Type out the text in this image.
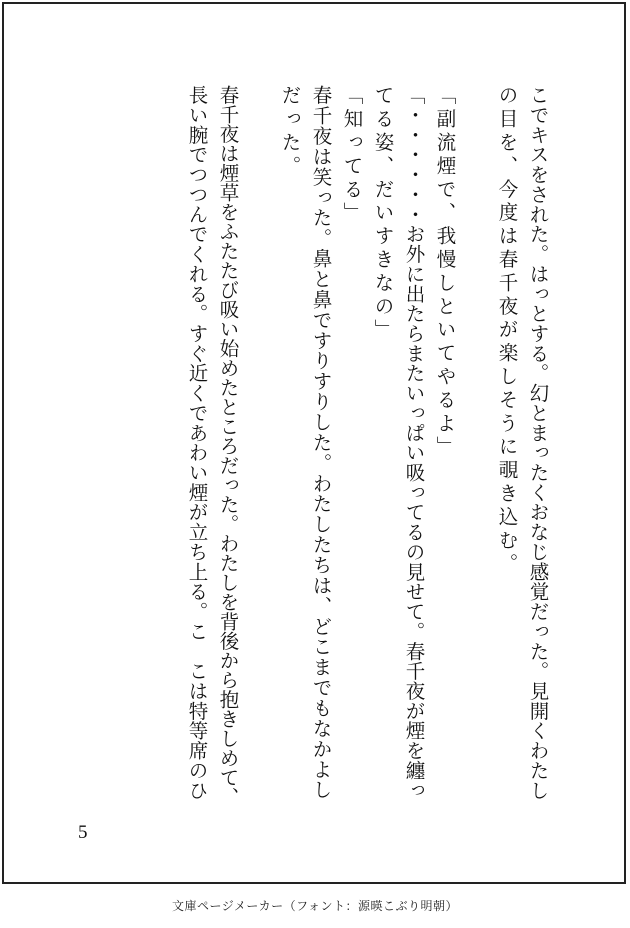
こでキスをされた。はっとする。幻とまったくおなじ感覚だった。見開くわたし
の目を、今度は春千夜が楽しそうに覗き込む。
「副流煙で、我慢しといてやるよ」
「・・・・・・お外に出たらまたいっぱい吸ってるの見せて。春千夜が煙を纏っ
てる姿、だいすきなの」
「知ってる」
春千夜は笑った。鼻と鼻ですりすりした。わたしたちは、どこまでもなかよし
だった。
春千夜は煙草をふたたび吸い始めたところだった。わたしを背後から抱きしめて、
長い腕でつつんでくれる。すぐ近くであわい煙が立ち上る。こ　こは特等席のひ
5
文庫ページメーカー（フォント：源暎こぶり明朝）
